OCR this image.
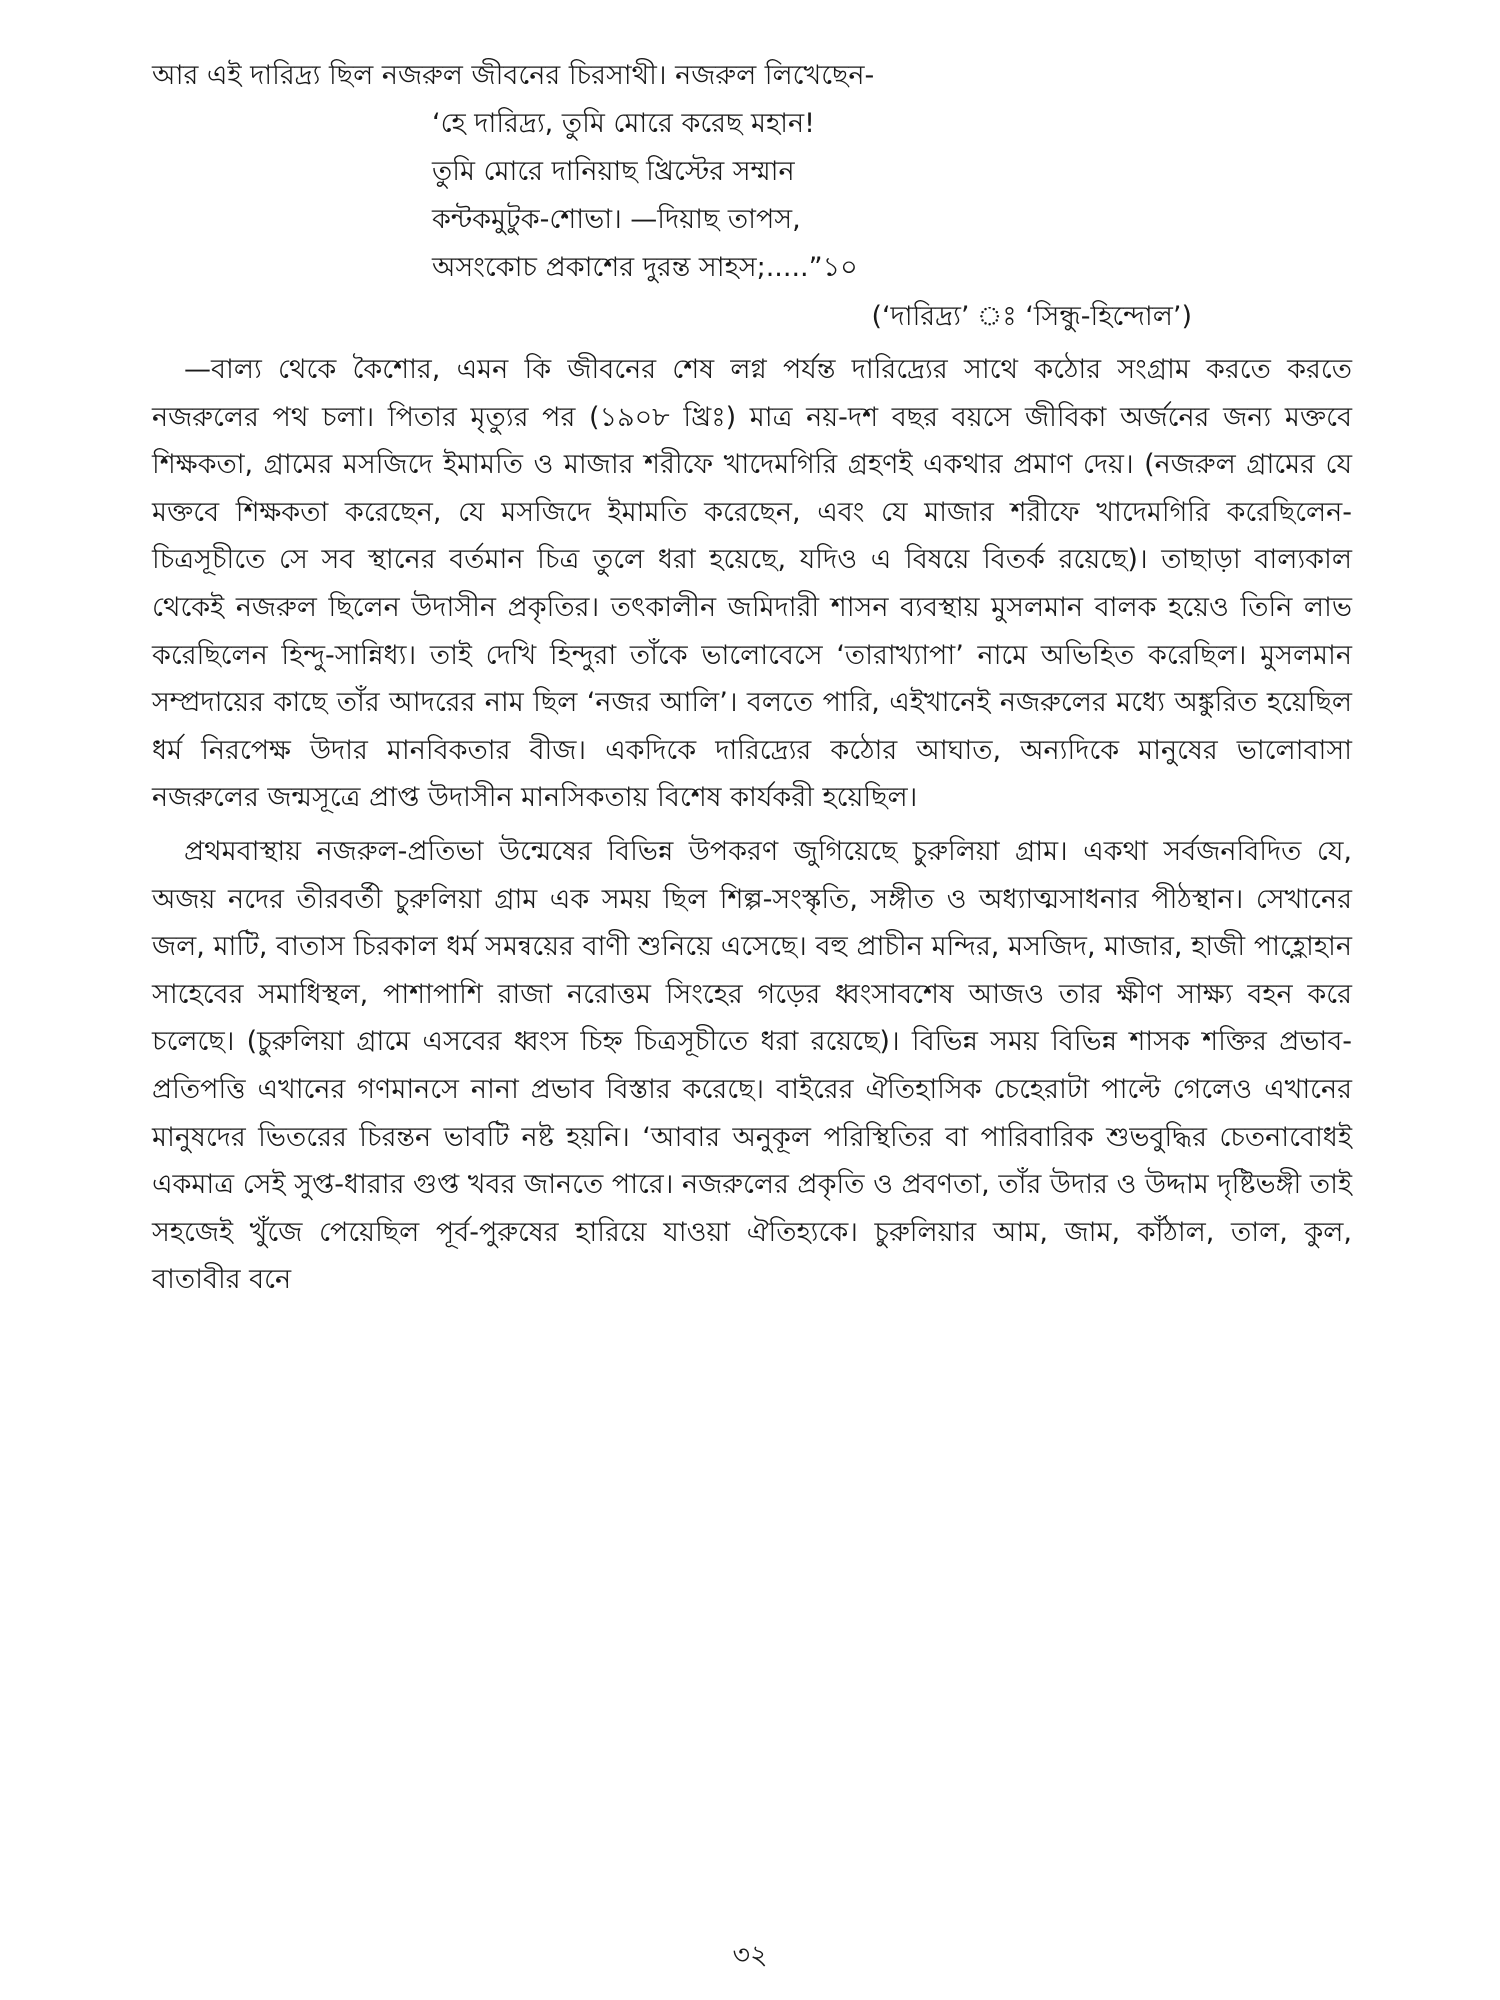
আর এই দারিদ্র্য ছিল নজরুল জীবনের চিরসাথী। নজরুল লিখেছেন-

‘হে দারিদ্র্য, তুমি মোরে করেছ মহান!

তুমি মোরে দানিয়াছ খ্রিস্টের সম্মান

কন্টকমুটুক-শোভা। —দিয়াছ তাপস,

অসংকোচ প্রকাশের দুরন্ত সাহস;.....”১০

(‘দারিদ্র্য’ ঃ ‘সিন্ধু-হিন্দোল’)

—বাল্য থেকে কৈশোর, এমন কি জীবনের শেষ লগ্ন পর্যন্ত দারিদ্র্যের সাথে কঠোর সংগ্রাম করতে করতে নজরুলের পথ চলা। পিতার মৃত্যুর পর (১৯০৮ খ্রিঃ) মাত্র নয়-দশ বছর বয়সে জীবিকা অর্জনের জন্য মক্তবে শিক্ষকতা, গ্রামের মসজিদে ইমামতি ও মাজার শরীফে খাদেমগিরি গ্রহণই একথার প্রমাণ দেয়। (নজরুল গ্রামের যে মক্তবে শিক্ষকতা করেছেন, যে মসজিদে ইমামতি করেছেন, এবং যে মাজার শরীফে খাদেমগিরি করেছিলেন-চিত্রসূচীতে সে সব স্থানের বর্তমান চিত্র তুলে ধরা হয়েছে, যদিও এ বিষয়ে বিতর্ক রয়েছে)। তাছাড়া বাল্যকাল থেকেই নজরুল ছিলেন উদাসীন প্রকৃতির। তৎকালীন জমিদারী শাসন ব্যবস্থায় মুসলমান বালক হয়েও তিনি লাভ করেছিলেন হিন্দু-সান্নিধ্য। তাই দেখি হিন্দুরা তাঁকে ভালোবেসে ‘তারাখ্যাপা’ নামে অভিহিত করেছিল। মুসলমান সম্প্রদায়ের কাছে তাঁর আদরের নাম ছিল ‘নজর আলি’। বলতে পারি, এইখানেই নজরুলের মধ্যে অঙ্কুরিত হয়েছিল ধর্ম নিরপেক্ষ উদার মানবিকতার বীজ। একদিকে দারিদ্র্যের কঠোর আঘাত, অন্যদিকে মানুষের ভালোবাসা নজরুলের জন্মসূত্রে প্রাপ্ত উদাসীন মানসিকতায় বিশেষ কার্যকরী হয়েছিল।

প্রথমবাস্থায় নজরুল-প্রতিভা উন্মেষের বিভিন্ন উপকরণ জুগিয়েছে চুরুলিয়া গ্রাম। একথা সর্বজনবিদিত যে, অজয় নদের তীরবর্তী চুরুলিয়া গ্রাম এক সময় ছিল শিল্প-সংস্কৃতি, সঙ্গীত ও অধ্যাত্মসাধনার পীঠস্থান। সেখানের জল, মাটি, বাতাস চিরকাল ধর্ম সমন্বয়ের বাণী শুনিয়ে এসেছে। বহু প্রাচীন মন্দির, মসজিদ, মাজার, হাজী পাহ্লোহান সাহেবের সমাধিস্থল, পাশাপাশি রাজা নরোত্তম সিংহের গড়ের ধ্বংসাবশেষ আজও তার ক্ষীণ সাক্ষ্য বহন করে চলেছে। (চুরুলিয়া গ্রামে এসবের ধ্বংস চিহ্ন চিত্রসূচীতে ধরা রয়েছে)। বিভিন্ন সময় বিভিন্ন শাসক শক্তির প্রভাব-প্রতিপত্তি এখানের গণমানসে নানা প্রভাব বিস্তার করেছে। বাইরের ঐতিহাসিক চেহেরাটা পাল্টে গেলেও এখানের মানুষদের ভিতরের চিরন্তন ভাবটি নষ্ট হয়নি। ‘আবার অনুকূল পরিস্থিতির বা পারিবারিক শুভবুদ্ধির চেতনাবোধই একমাত্র সেই সুপ্ত-ধারার গুপ্ত খবর জানতে পারে। নজরুলের প্রকৃতি ও প্রবণতা, তাঁর উদার ও উদ্দাম দৃষ্টিভঙ্গী তাই সহজেই খুঁজে পেয়েছিল পূর্ব-পুরুষের হারিয়ে যাওয়া ঐতিহ্যকে। চুরুলিয়ার আম, জাম, কাঁঠাল, তাল, কুল, বাতাবীর বনে

৩২
